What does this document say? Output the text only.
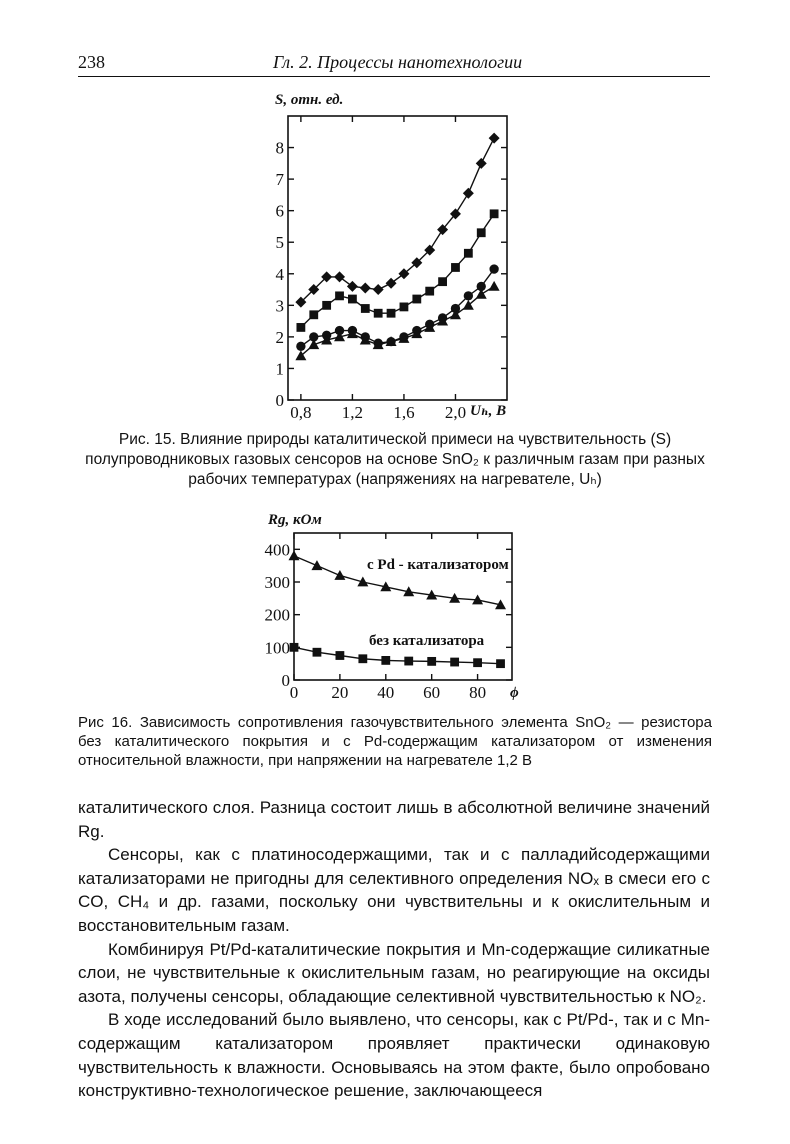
238	Гл. 2. Процессы нанотехнологии
0
1
2
3
4
5
6
7
8
0,8 1,2 1,6 2,0
S, отн. ед.
Uₕ, В
Рис. 15. Влияние природы каталитической примеси на чувствительность (S) полупроводниковых газовых сенсоров на основе SnO₂ к различным газам при разных рабочих температурах (напряжениях на нагревателе, Uₕ)
0
100
200
300
400
0 20 40 60 80
Rg, кОм
ϕ
с Pd - катализатором
без катализатора
Рис 16. Зависимость сопротивления газочувствительного элемента SnO₂ — резистора без каталитического покрытия и с Pd-содержащим катализатором от изменения относительной влажности, при напряжении на нагревателе 1,2 В

каталитического слоя. Разница состоит лишь в абсолютной величине значений Rg.

Сенсоры, как с платиносодержащими, так и с палладийсодержащими катализаторами не пригодны для селективного определения NOₓ в смеси его с CO, CH₄ и др. газами, поскольку они чувствительны и к окислительным и восстановительным газам.

Комбинируя Pt/Pd-каталитические покрытия и Mn-содержащие силикатные слои, не чувствительные к окислительным газам, но реагирующие на оксиды азота, получены сенсоры, обладающие селективной чувствительностью к NO₂.

В ходе исследований было выявлено, что сенсоры, как с Pt/Pd-, так и с Mn-содержащим катализатором проявляет практически одинаковую чувствительность к влажности. Основываясь на этом факте, было опробовано конструктивно-технологическое решение, заключающееся
